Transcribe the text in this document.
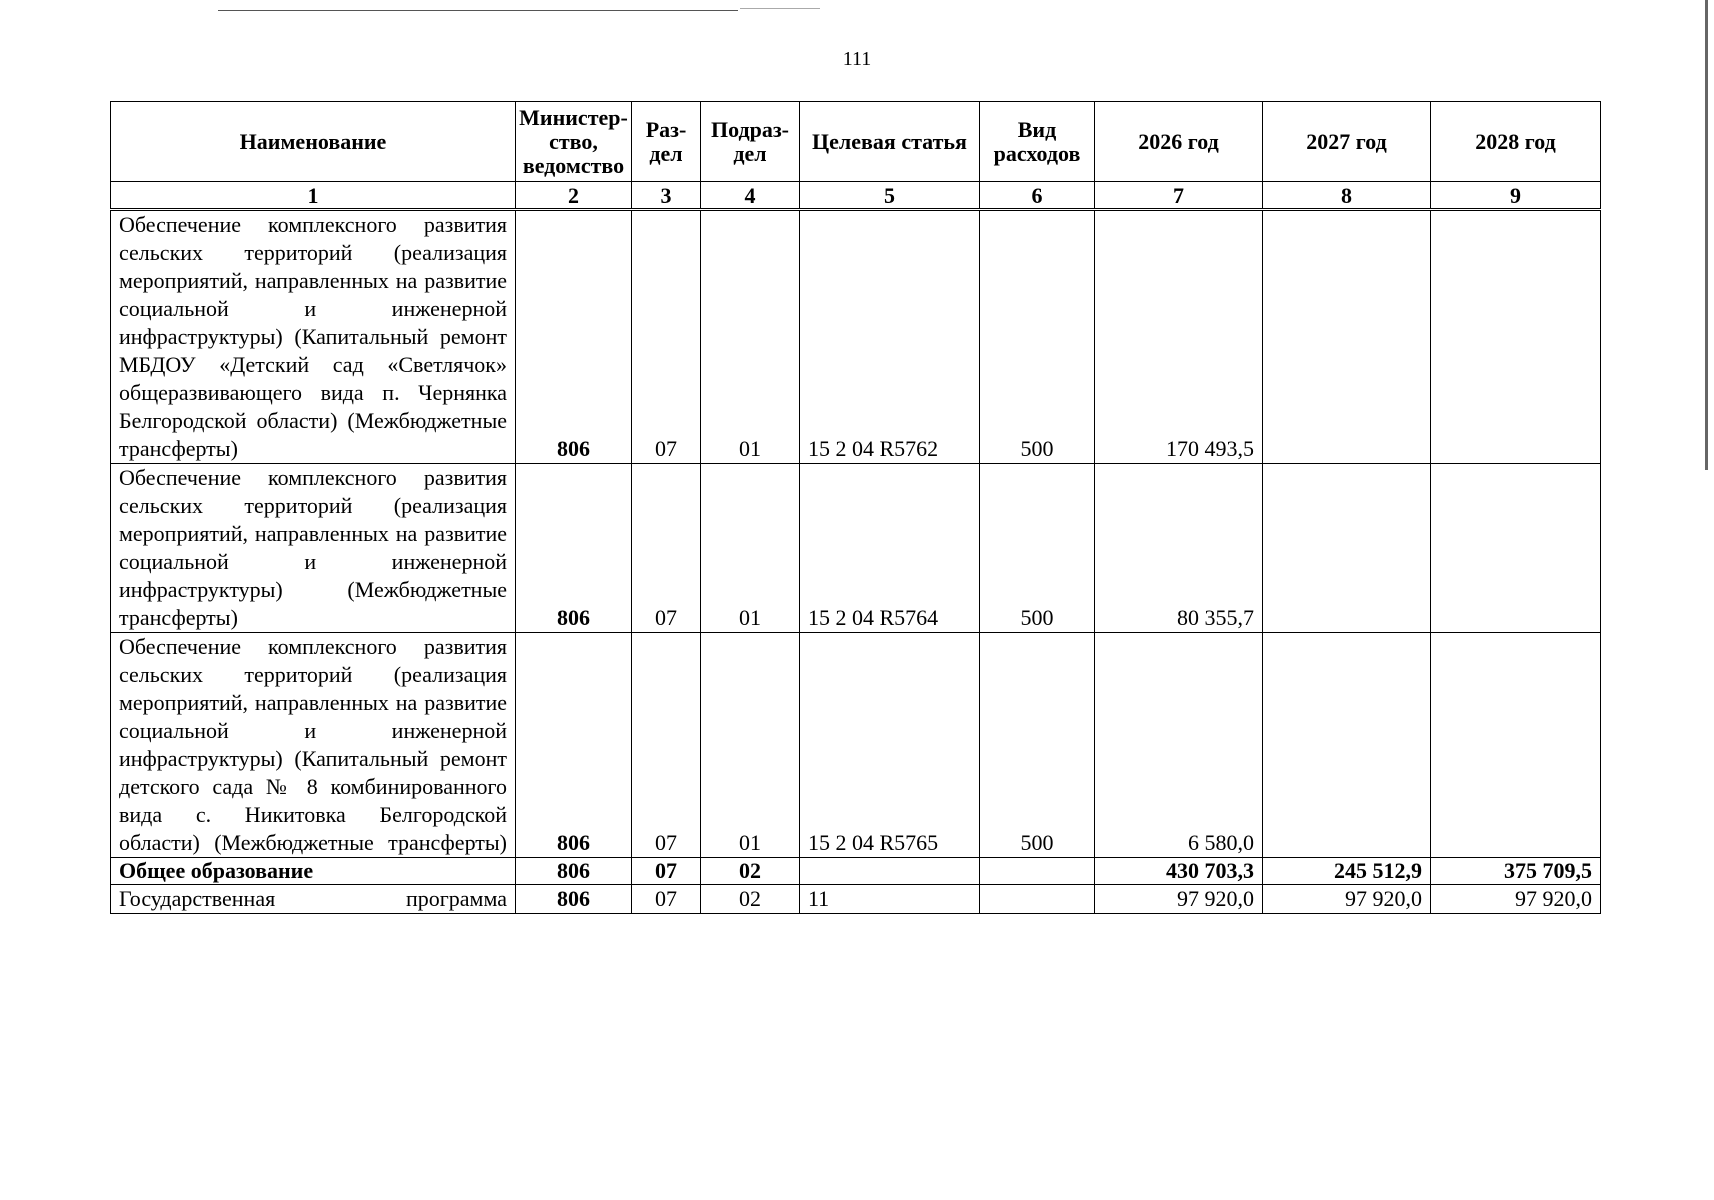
111
Наименование	Министер-ство, ведомство	Раз-дел	Подраз-дел	Целевая статья	Вид расходов	2026 год	2027 год	2028 год
1	2	3	4	5	6	7	8	9
Обеспечение комплексного развития сельских территорий (реализация мероприятий, направленных на развитие социальной и инженерной инфраструктуры) (Капитальный ремонт МБДОУ «Детский сад «Светлячок» общеразвивающего вида п. Чернянка Белгородской области) (Межбюджетные трансферты)	806	07	01	15 2 04 R5762	500	170 493,5		
Обеспечение комплексного развития сельских территорий (реализация мероприятий, направленных на развитие социальной и инженерной инфраструктуры) (Межбюджетные трансферты)	806	07	01	15 2 04 R5764	500	80 355,7		
Обеспечение комплексного развития сельских территорий (реализация мероприятий, направленных на развитие социальной и инженерной инфраструктуры) (Капитальный ремонт детского сада № 8 комбинированного вида с. Никитовка Белгородской области) (Межбюджетные трансферты)	806	07	01	15 2 04 R5765	500	6 580,0		
Общее образование	806	07	02			430 703,3	245 512,9	375 709,5
Государственная программа	806	07	02	11		97 920,0	97 920,0	97 920,0
